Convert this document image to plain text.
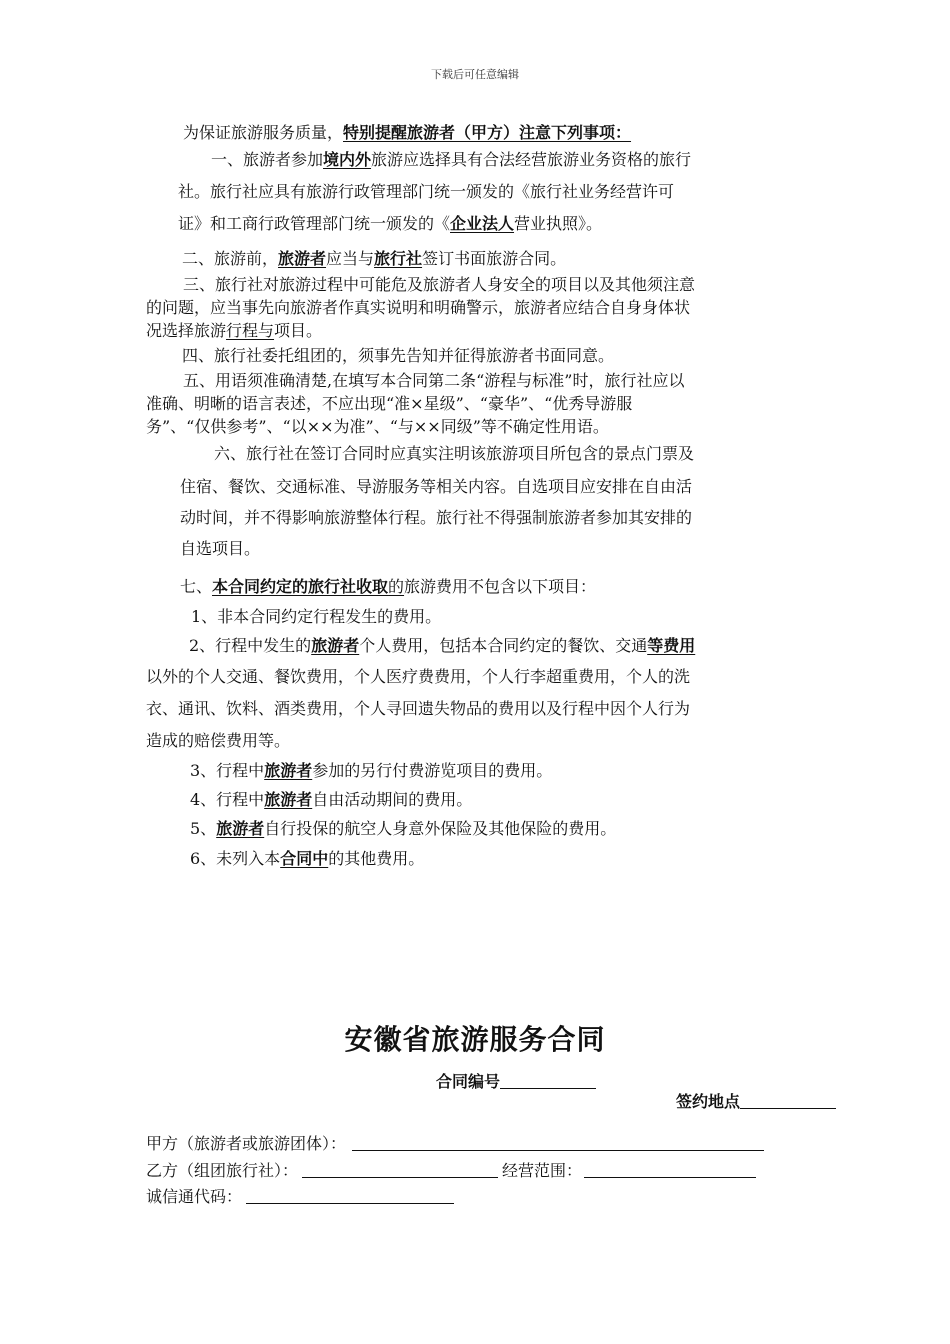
下载后可任意编辑
为保证旅游服务质量，特别提醒旅游者（甲方）注意下列事项：
一、旅游者参加境内外旅游应选择具有合法经营旅游业务资格的旅行
社。旅行社应具有旅游行政管理部门统一颁发的《旅行社业务经营许可
证》和工商行政管理部门统一颁发的《企业法人营业执照》。
二、旅游前，旅游者应当与旅行社签订书面旅游合同。
三、旅行社对旅游过程中可能危及旅游者人身安全的项目以及其他须注意
的问题，应当事先向旅游者作真实说明和明确警示，旅游者应结合自身身体状
况选择旅游行程与项目。
四、旅行社委托组团的，须事先告知并征得旅游者书面同意。
五、用语须准确清楚,在填写本合同第二条“游程与标准”时，旅行社应以
准确、明晰的语言表述，不应出现“准×星级”、“豪华”、“优秀导游服
务”、“仅供参考”、“以××为准”、“与××同级”等不确定性用语。
六、旅行社在签订合同时应真实注明该旅游项目所包含的景点门票及
住宿、餐饮、交通标准、导游服务等相关内容。自选项目应安排在自由活
动时间，并不得影响旅游整体行程。旅行社不得强制旅游者参加其安排的
自选项目。
七、本合同约定的旅行社收取的旅游费用不包含以下项目：
1、非本合同约定行程发生的费用。
2、行程中发生的旅游者个人费用，包括本合同约定的餐饮、交通等费用
以外的个人交通、餐饮费用，个人医疗费费用，个人行李超重费用，个人的洗
衣、通讯、饮料、酒类费用，个人寻回遗失物品的费用以及行程中因个人行为
造成的赔偿费用等。
3、行程中旅游者参加的另行付费游览项目的费用。
4、行程中旅游者自由活动期间的费用。
5、旅游者自行投保的航空人身意外保险及其他保险的费用。
6、未列入本合同中的其他费用。
安徽省旅游服务合同
合同编号
签约地点
甲方（旅游者或旅游团体）：
乙方（组团旅行社）：	经营范围：
诚信通代码：
